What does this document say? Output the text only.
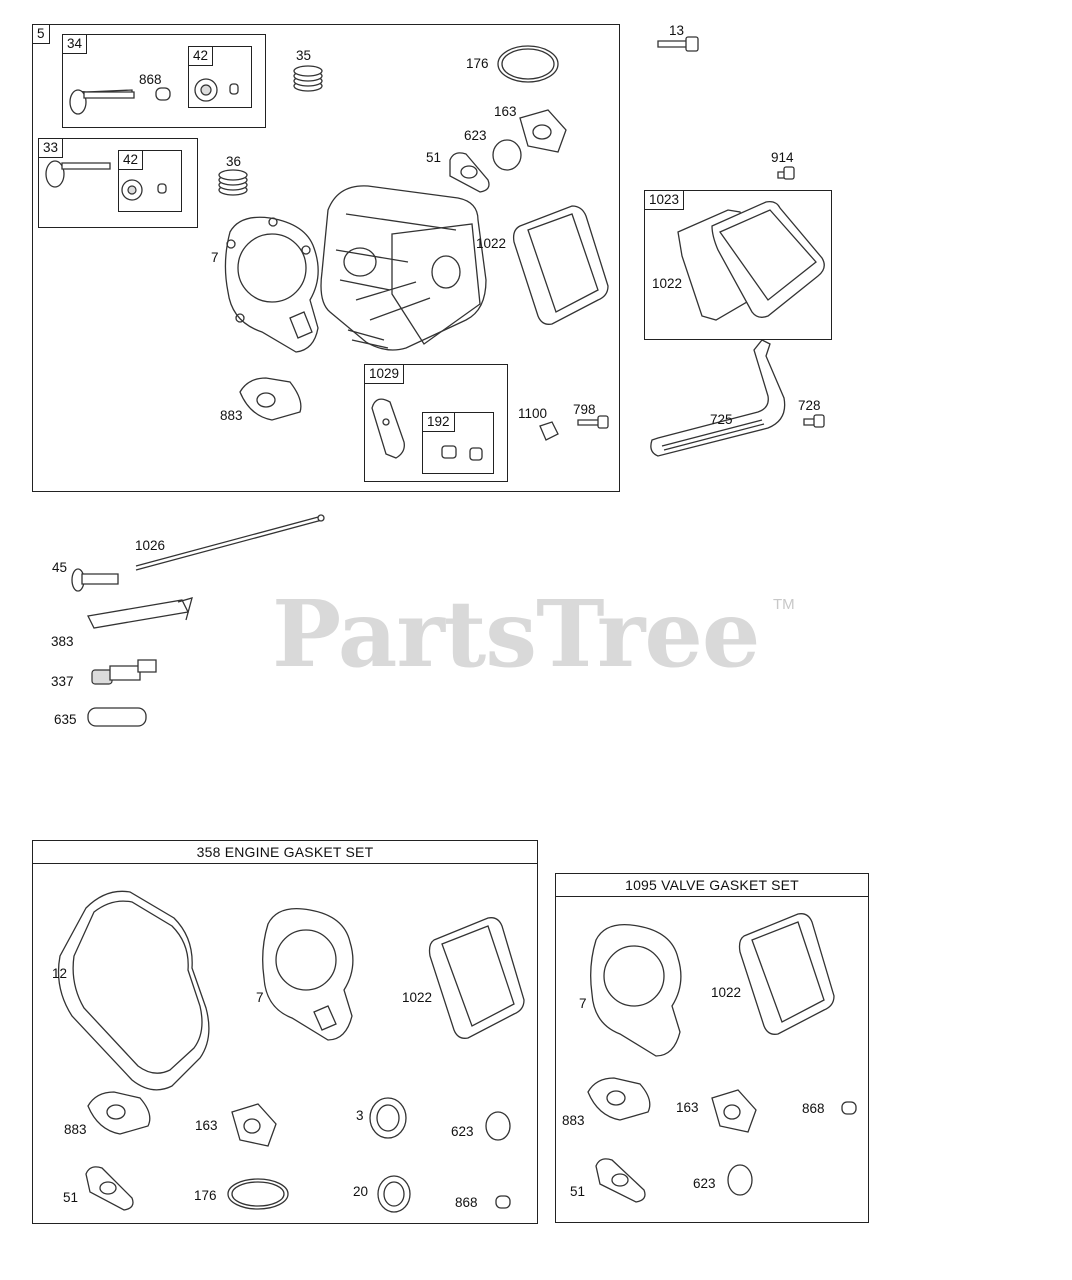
PartsTree TM
5
34
42
33
42
1029
192
1023
868
35
176
163
623
51
36
7
1022
883	1100 798
13
914
1022
725
728
45
1026
383
337
635
358 ENGINE GASKET SET
12
7	1022
883	163
3
623
51	176	20
868
1095 VALVE GASKET SET
7
1022
883
163	868
51
623
